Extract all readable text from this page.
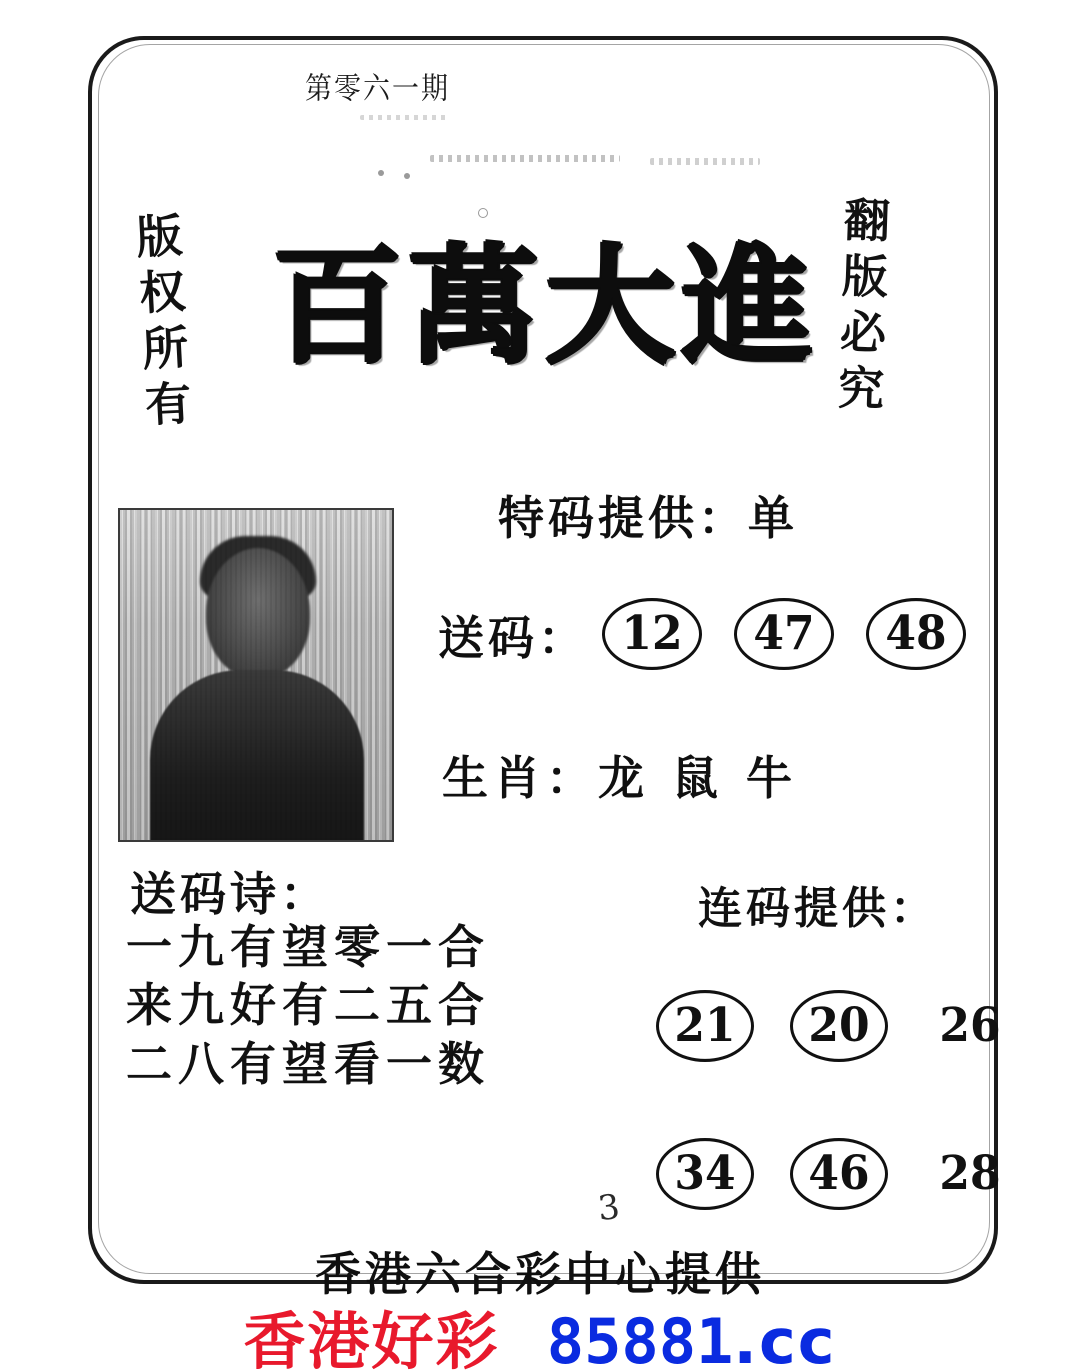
第零六一期
版权所有	翻版必究
百萬大進
特码提供：单
送码： 12 47 48
生肖：龙 鼠 牛
送码诗：
一九有望零一合
来九好有二五合
二八有望看一数
连码提供：
21 20 26
34 46 28
3
香港六合彩中心提供
香港好彩 85881.cc
